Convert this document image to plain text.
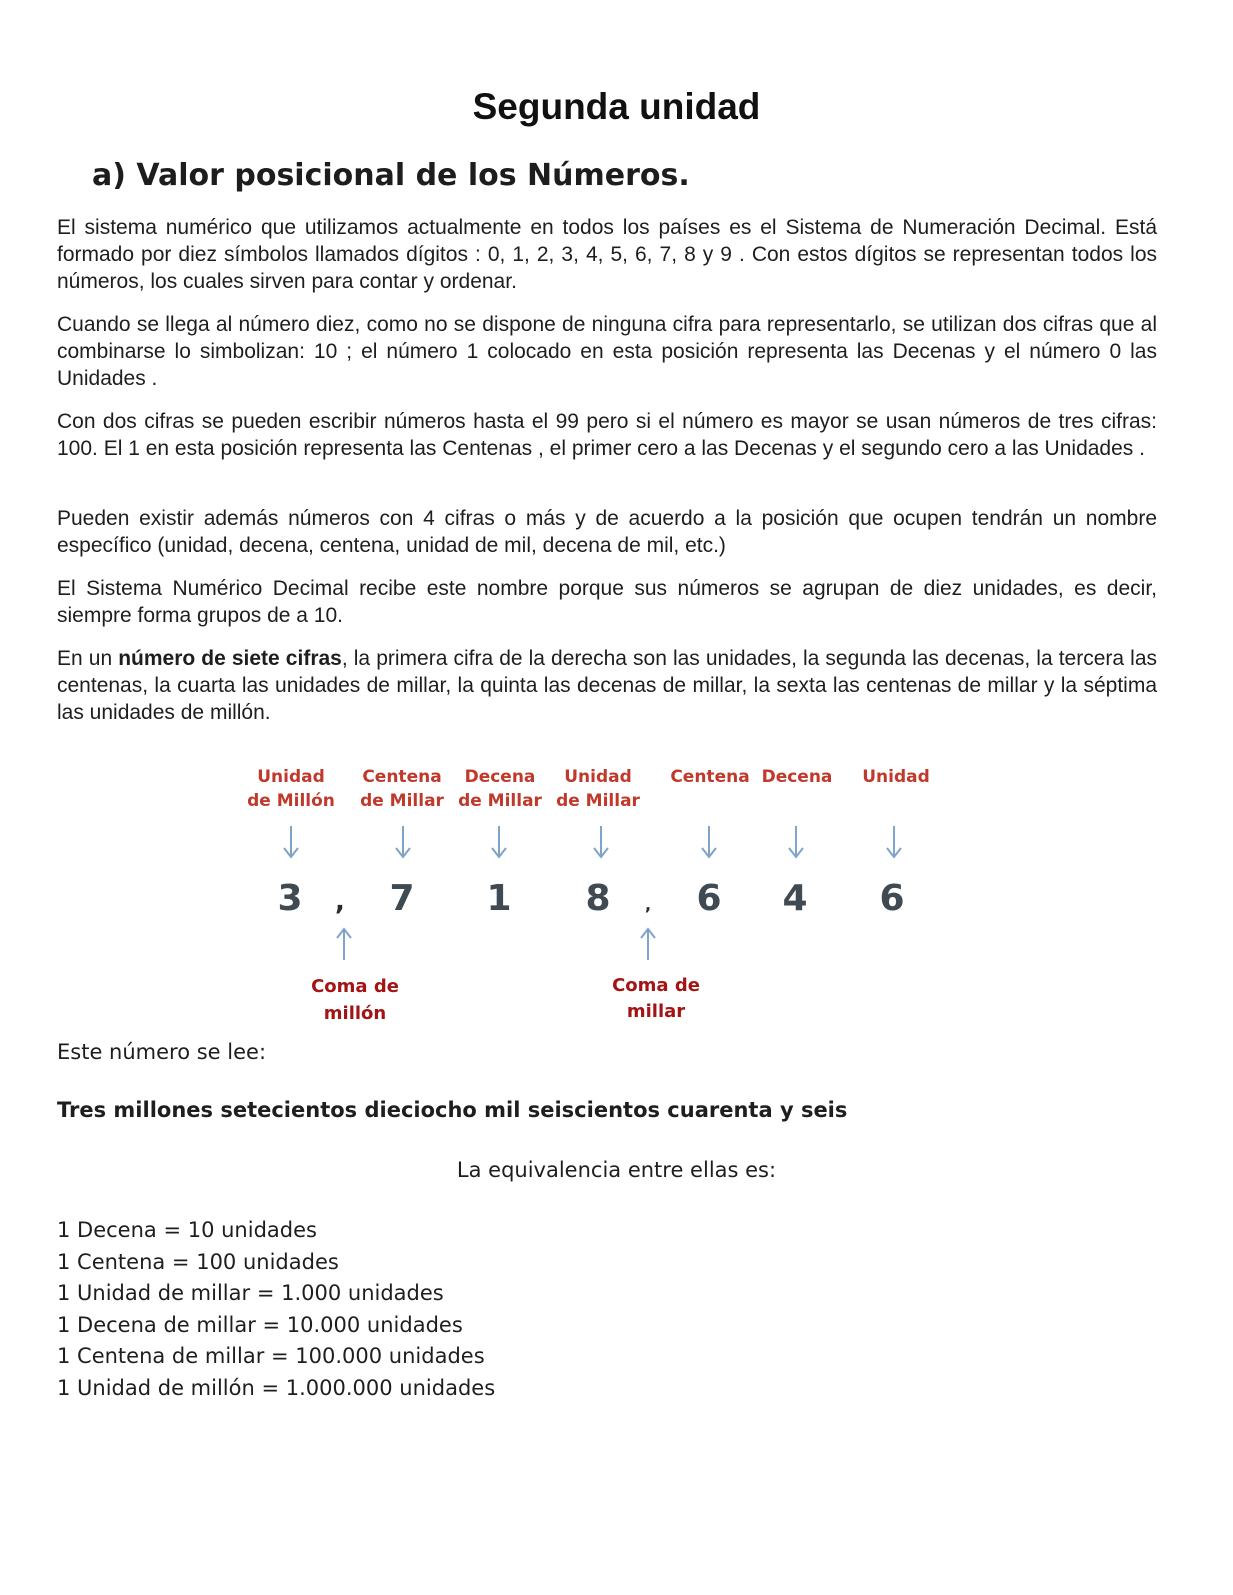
Segunda unidad
a) Valor posicional de los Números.

El sistema numérico que utilizamos actualmente en todos los países es el Sistema de Numeración Decimal. Está formado por diez símbolos llamados dígitos : 0, 1, 2, 3, 4, 5, 6, 7, 8 y 9 . Con estos dígitos se representan todos los números, los cuales sirven para contar y ordenar.

Cuando se llega al número diez, como no se dispone de ninguna cifra para representarlo, se utilizan dos cifras que al combinarse lo simbolizan: 10 ; el número 1 colocado en esta posición representa las Decenas y el número 0 las Unidades .

Con dos cifras se pueden escribir números hasta el 99 pero si el número es mayor se usan números de tres cifras: 100. El 1 en esta posición representa las Centenas , el primer cero a las Decenas y el segundo cero a las Unidades .

Pueden existir además números con 4 cifras o más y de acuerdo a la posición que ocupen tendrán un nombre específico (unidad, decena, centena, unidad de mil, decena de mil, etc.)

El Sistema Numérico Decimal recibe este nombre porque sus números se agrupan de diez unidades, es decir, siempre forma grupos de a 10.

En un número de siete cifras, la primera cifra de la derecha son las unidades, la segunda las decenas, la tercera las centenas, la cuarta las unidades de millar, la quinta las decenas de millar, la sexta las centenas de millar y la séptima las unidades de millón.

Unidad
de Millón
Centena
de Millar
Decena
de Millar
Unidad
de Millar
Centena Decena Unidad
3 , 7 1 8 , 6 4 6
Coma de
millón
Coma de
millar

Este número se lee:

Tres millones setecientos dieciocho mil seiscientos cuarenta y seis

La equivalencia entre ellas es:

1 Decena = 10 unidades
1 Centena = 100 unidades
1 Unidad de millar = 1.000 unidades
1 Decena de millar = 10.000 unidades
1 Centena de millar = 100.000 unidades
1 Unidad de millón = 1.000.000 unidades
